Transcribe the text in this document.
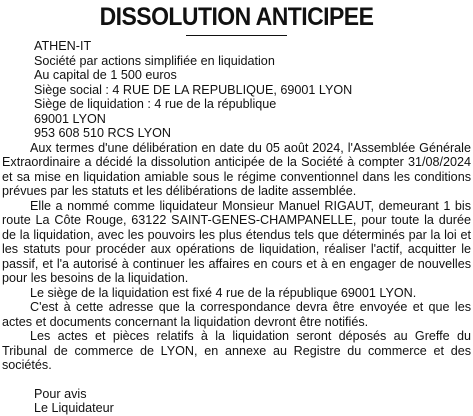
DISSOLUTION ANTICIPEE

ATHEN-IT

Société par actions simplifiée en liquidation

Au capital de 1 500 euros

Siège social : 4 RUE DE LA REPUBLIQUE, 69001 LYON

Siège de liquidation : 4 rue de la république

69001 LYON

953 608 510 RCS LYON

Aux termes d'une délibération en date du 05 août 2024, l'Assemblée Générale Extraordinaire a décidé la dissolution anticipée de la Société à compter 31/08/2024 et sa mise en liquidation amiable sous le régime conventionnel dans les conditions prévues par les statuts et les délibérations de ladite assemblée.

Elle a nommé comme liquidateur Monsieur Manuel RIGAUT, demeurant 1 bis route La Côte Rouge, 63122 SAINT-GENES-CHAMPANELLE, pour toute la durée de la liquidation, avec les pouvoirs les plus étendus tels que déterminés par la loi et les statuts pour procéder aux opérations de liquidation, réaliser l'actif, acquitter le passif, et l'a autorisé à continuer les affaires en cours et à en engager de nouvelles pour les besoins de la liquidation.

Le siège de la liquidation est fixé 4 rue de la république 69001 LYON.

C'est à cette adresse que la correspondance devra être envoyée et que les actes et documents concernant la liquidation devront être notifiés.

Les actes et pièces relatifs à la liquidation seront déposés au Greffe du Tribunal de commerce de LYON, en annexe au Registre du commerce et des sociétés.

Pour avis

Le Liquidateur
